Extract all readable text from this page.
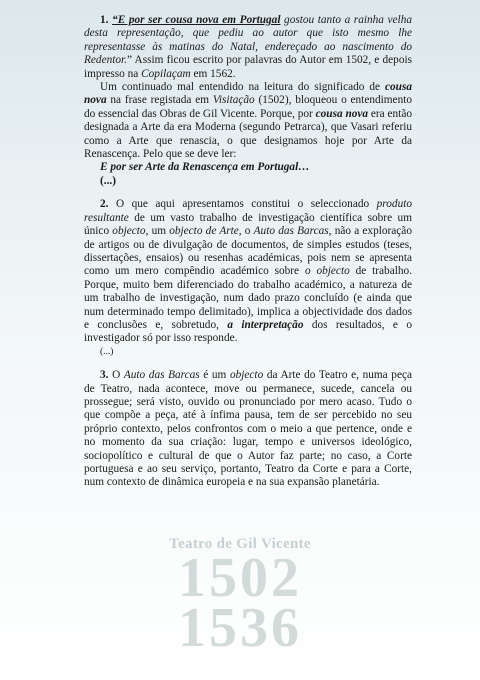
1. “E por ser cousa nova em Portugal gostou tanto a rainha velha desta representação, que pediu ao autor que isto mesmo lhe representasse às matinas do Natal, endereçado ao nascimento do Redentor.” Assim ficou escrito por palavras do Autor em 1502, e depois impresso na Copilaçam em 1562.

Um continuado mal entendido na leitura do significado de cousa nova na frase registada em Visitação (1502), bloqueou o entendimento do essencial das Obras de Gil Vicente. Porque, por cousa nova era então designada a Arte da era Moderna (segundo Petrarca), que Vasari referiu como a Arte que renascia, o que designamos hoje por Arte da Renascença. Pelo que se deve ler:

E por ser Arte da Renascença em Portugal…

(...)

2. O que aqui apresentamos constitui o seleccionado produto resultante de um vasto trabalho de investigação científica sobre um único objecto, um objecto de Arte, o Auto das Barcas, não a exploração de artigos ou de divulgação de documentos, de simples estudos (teses, dissertações, ensaios) ou resenhas académicas, pois nem se apresenta como um mero compêndio académico sobre o objecto de trabalho. Porque, muito bem diferenciado do trabalho académico, a natureza de um trabalho de investigação, num dado prazo concluído (e ainda que num determinado tempo delimitado), implica a objectividade dos dados e conclusões e, sobretudo, a interpretação dos resultados, e o investigador só por isso responde.

(...)

3. O Auto das Barcas é um objecto da Arte do Teatro e, numa peça de Teatro, nada acontece, move ou permanece, sucede, cancela ou prossegue; será visto, ouvido ou pronunciado por mero acaso. Tudo o que compõe a peça, até à ínfima pausa, tem de ser percebido no seu próprio contexto, pelos confrontos com o meio a que pertence, onde e no momento da sua criação: lugar, tempo e universos ideológico, sociopolítico e cultural de que o Autor faz parte; no caso, a Corte portuguesa e ao seu serviço, portanto, Teatro da Corte e para a Corte, num contexto de dinâmica europeia e na sua expansão planetária.

Teatro de Gil Vicente
1502
1536
